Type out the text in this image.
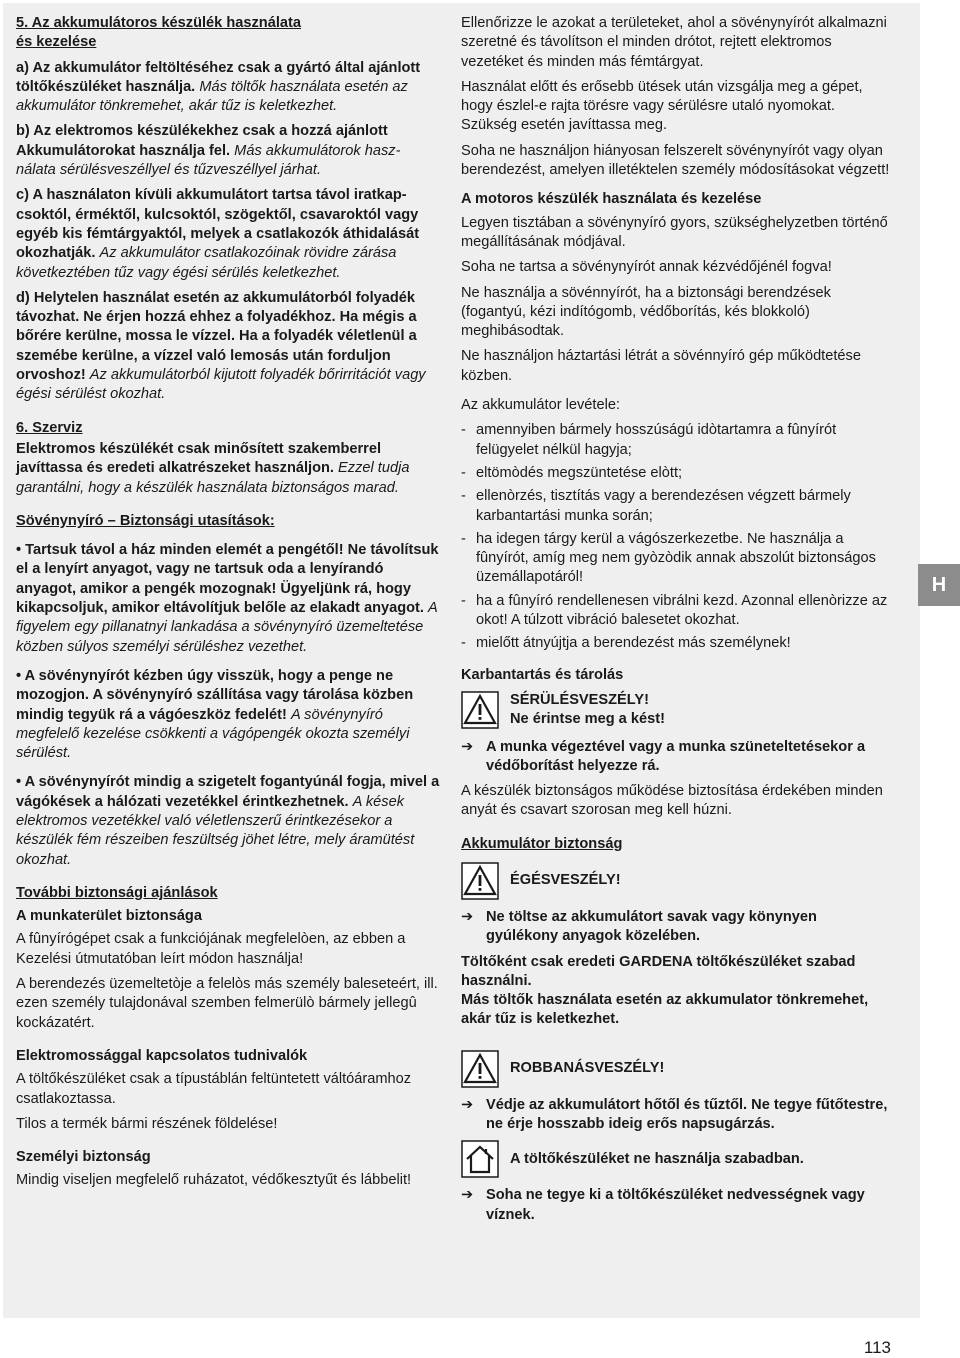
5. Az akkumulátoros készülék használata
és kezelése

a) Az akkumulátor feltöltéséhez csak a gyártó által ajánlott töltőkészüléket használja. Más töltők használata esetén az akkumulátor tönkremehet, akár tűz is keletkezhet.

b) Az elektromos készülékekhez csak a hozzá ajánlott Akkumulátorokat használja fel. Más akkumulátorok hasz-nálata sérülésveszéllyel és tűzveszéllyel járhat.

c) A használaton kívüli akkumulátort tartsa távol iratkap-csoktól, érméktől, kulcsoktól, szögektől, csavaroktól vagy egyéb kis fémtárgyaktól, melyek a csatlakozók áthidalását okozhatják. Az akkumulátor csatlakozóinak rövidre zárása következtében tűz vagy égési sérülés keletkezhet.

d) Helytelen használat esetén az akkumulátorból folyadék távozhat. Ne érjen hozzá ehhez a folyadékhoz. Ha mégis a bőrére kerülne, mossa le vízzel. Ha a folyadék véletlenül a szemébe kerülne, a vízzel való lemosás után forduljon orvoshoz! Az akkumulátorból kijutott folyadék bőrirritációt vagy égési sérülést okozhat.

6. Szerviz

Elektromos készülékét csak minősített szakemberrel javíttassa és eredeti alkatrészeket használjon. Ezzel tudja garantálni, hogy a készülék használata biztonságos marad.

Sövénynyíró – Biztonsági utasítások:

• Tartsuk távol a ház minden elemét a pengétől! Ne távolítsuk el a lenyírt anyagot, vagy ne tartsuk oda a lenyírandó anyagot, amikor a pengék mozognak! Ügyeljünk rá, hogy kikapcsoljuk, amikor eltávolítjuk belőle az elakadt anyagot. A figyelem egy pillanatnyi lankadása a sövénynyíró üzemeltetése közben súlyos személyi sérüléshez vezethet.

• A sövénynyírót kézben úgy visszük, hogy a penge ne mozogjon. A sövénynyíró szállítása vagy tárolása közben mindig tegyük rá a vágóeszköz fedelét! A sövénynyíró megfelelő kezelése csökkenti a vágópengék okozta személyi sérülést.

• A sövénynyírót mindig a szigetelt fogantyúnál fogja, mivel a vágókések a hálózati vezetékkel érintkezhetnek. A kések elektromos vezetékkel való véletlenszerű érintkezésekor a készülék fém részeiben feszültség jöhet létre, mely áramütést okozhat.

További biztonsági ajánlások

A munkaterület biztonsága

A fûnyírógépet csak a funkciójának megfelelòen, az ebben a Kezelési útmutatóban leírt módon használja!

A berendezés üzemeltetòje a felelòs más személy baleseteért, ill. ezen személy tulajdonával szemben felmerülò bármely jellegû kockázatért.

Elektromossággal kapcsolatos tudnivalók

A töltőkészüléket csak a típustáblán feltüntetett váltóáramhoz csatlakoztassa.

Tilos a termék bármi részének földelése!

Személyi biztonság

Mindig viseljen megfelelő ruházatot, védőkesztyűt és lábbelit!

Ellenőrizze le azokat a területeket, ahol a sövénynyírót alkalmazni szeretné és távolítson el minden drótot, rejtett elektromos vezetéket és minden más fémtárgyat.

Használat előtt és erősebb ütések után vizsgálja meg a gépet, hogy észlel-e rajta törésre vagy sérülésre utaló nyomokat. Szükség esetén javíttassa meg.

Soha ne használjon hiányosan felszerelt sövénynyírót vagy olyan berendezést, amelyen illetéktelen személy módosításokat végzett!

A motoros készülék használata és kezelése

Legyen tisztában a sövénynyíró gyors, szükséghelyzetben történő megállításának módjával.

Soha ne tartsa a sövénynyírót annak kézvédőjénél fogva!

Ne használja a sövénnyírót, ha a biztonsági berendzések (fogantyú, kézi indítógomb, védőborítás, kés blokkoló) meghibásodtak.

Ne használjon háztartási létrát a sövénnyíró gép működtetése közben.

Az akkumulátor levétele:

- amennyiben bármely hosszúságú idòtartamra a fûnyírót felügyelet nélkül hagyja;
- eltömòdés megszüntetése elòtt;
- ellenòrzés, tisztítás vagy a berendezésen végzett bármely karbantartási munka során;
- ha idegen tárgy kerül a vágószerkezetbe. Ne használja a fûnyírót, amíg meg nem gyòzòdik annak abszolút biztonságos üzemállapotáról!
- ha a fûnyíró rendellenesen vibrálni kezd. Azonnal ellenòrizze az okot! A túlzott vibráció balesetet okozhat.
- mielőtt átnyújtja a berendezést más személynek!

Karbantartás és tárolás

SÉRÜLÉSVESZÉLY!
Ne érintse meg a kést!
➔ A munka végeztével vagy a munka szüneteltetésekor a védőborítást helyezze rá.

A készülék biztonságos működése biztosítása érdekében minden anyát és csavart szorosan meg kell húzni.

Akkumulátor biztonság

ÉGÉSVESZÉLY!
➔ Ne töltse az akkumulátort savak vagy könynyen gyúlékony anyagok közelében.

Töltőként csak eredeti GARDENA töltőkészüléket szabad használni.

Más töltők használata esetén az akkumulator tönkremehet, akár tűz is keletkezhet.

ROBBANÁSVESZÉLY!
➔ Védje az akkumulátort hőtől és tűztől. Ne tegye fűtőtestre, ne érje hosszabb ideig erős napsugárzás.
A töltőkészüléket ne használja szabadban.
➔ Soha ne tegye ki a töltőkészüléket nedvességnek vagy víznek.
H
113
